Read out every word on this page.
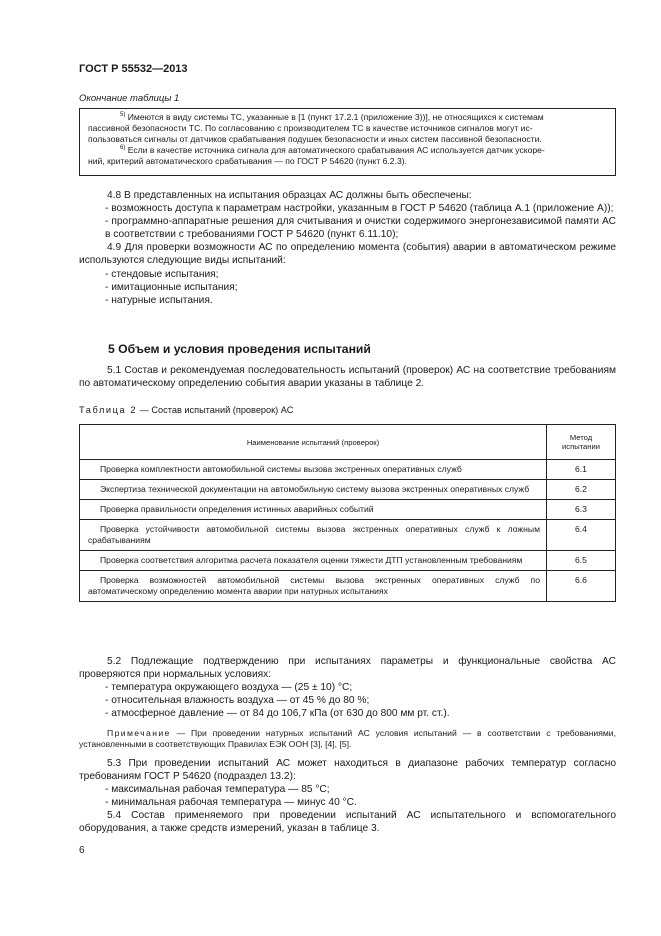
ГОСТ Р 55532—2013
Окончание таблицы 1

$^{5)}$ Имеются в виду системы ТС, указанные в [1 (пункт 17.2.1 (приложение 3))], не относящихся к системам

пассивной безопасности ТС. По согласованию с производителем ТС в качестве источников сигналов могут ис-

пользоваться сигналы от датчиков срабатывания подушек безопасности и иных систем пассивной безопасности.

$^{6)}$ Если в качестве источника сигнала для автоматического срабатывания АС используется датчик ускоре-

ний, критерий автоматического срабатывания — по ГОСТ Р 54620 (пункт 6.2.3).

4.8 В представленных на испытания образцах АС должны быть обеспечены:

- возможность доступа к параметрам настройки, указанным в ГОСТ Р 54620 (таблица А.1 (приложение А));

- программно-аппаратные решения для считывания и очистки содержимого энергонезависимой памяти АС в соответствии с требованиями ГОСТ Р 54620 (пункт 6.11.10);

4.9 Для проверки возможности АС по определению момента (события) аварии в автоматическом режиме используются следующие виды испытаний:

- стендовые испытания;

- имитационные испытания;

- натурные испытания.

5 Объем и условия проведения испытаний

5.1 Состав и рекомендуемая последовательность испытаний (проверок) АС на соответствие требованиям по автоматическому определению события аварии указаны в таблице 2.

Таблица 2 — Состав испытаний (проверок) АС
Наименование испытаний (проверок)	Метод
испытании

Проверка комплектности автомобильной системы вызова экстренных оперативных служб	6.1

Экспертиза технической документации на автомобильную систему вызова экстренных оперативных служб	6.2

Проверка правильности определения истинных аварийных событий	6.3

Проверка устойчивости автомобильной системы вызова экстренных оперативных служб к ложным срабатываниям	6.4

Проверка соответствия алгоритма расчета показателя оценки тяжести ДТП установленным требованиям	6.5

Проверка возможностей автомобильной системы вызова экстренных оперативных служб по автоматическому определению момента аварии при натурных испытаниях	6.6

5.2 Подлежащие подтверждению при испытаниях параметры и функциональные свойства АС проверяются при нормальных условиях:

- температура окружающего воздуха — (25 ± 10) °С;

- относительная влажность воздуха — от 45 % до 80 %;

- атмосферное давление — от 84 до 106,7 кПа (от 630 до 800 мм рт. ст.).

Примечание — При проведении натурных испытаний АС условия испытаний — в соответствии с требованиями, установленными в соответствующих Правилах ЕЭК ООН [3], [4], [5].

5.3 При проведении испытаний АС может находиться в диапазоне рабочих температур согласно требованиям ГОСТ Р 54620 (подраздел 13.2):

- максимальная рабочая температура — 85 °С;

- минимальная рабочая температура — минус 40 °С.

5.4 Состав применяемого при проведении испытаний АС испытательного и вспомогательного оборудования, а также средств измерений, указан в таблице 3.

6
